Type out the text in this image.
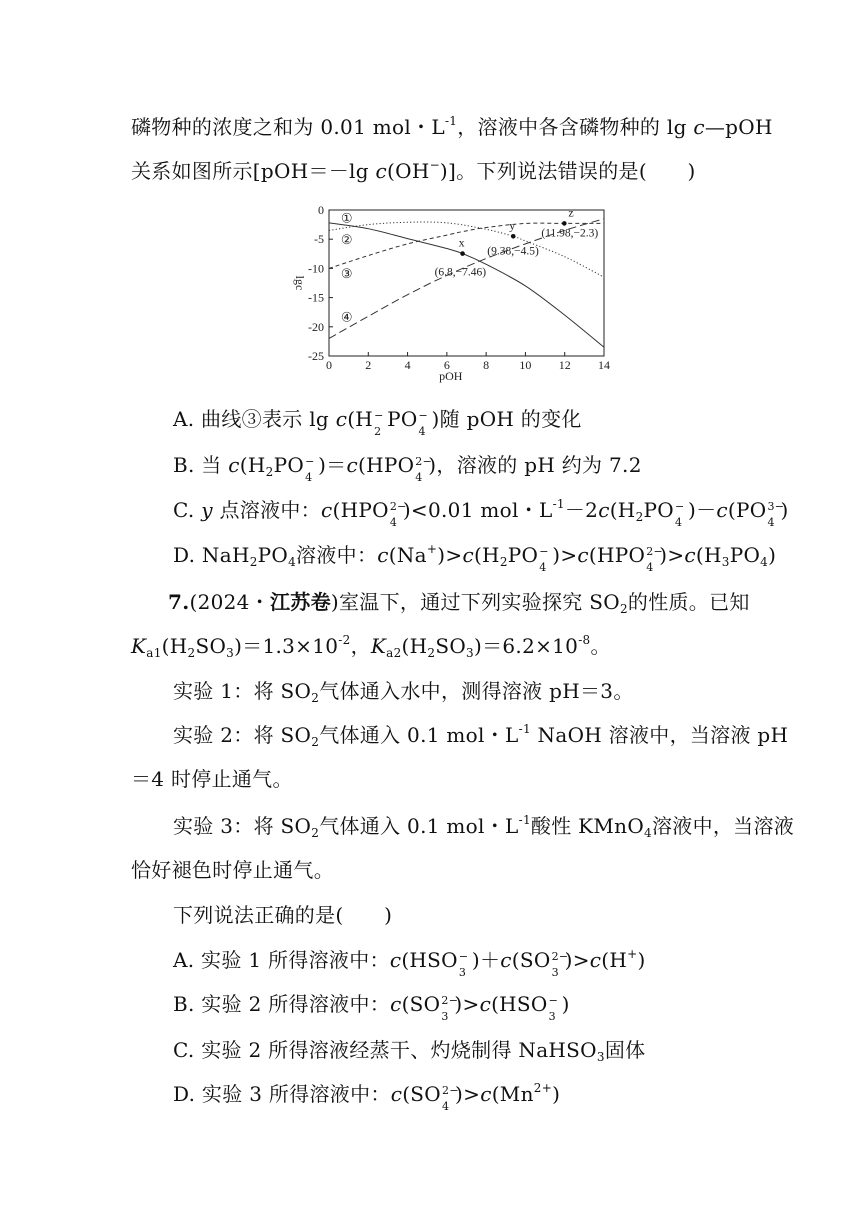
磷物种的浓度之和为 0.01 mol・$L^{-1}$，溶液中各含磷物种的 lg c—pOH
关系如图所示[pOH＝－lg c(OH−)]。下列说法错误的是(　　)
0	2	4	6	8	10 12 14
0
-5
-10
-15
-20
-25
pOH
lgc
①
②
③
④
x
(6.8,−7.46)
y
(9.38,−4.5)
z
(11.98,−2.3)
A. 曲线③表示 lg c(H −
2
PO −
4
)随 pOH 的变化
B. 当 $c(H_2PO$ −
4
)＝c(HPO 2−
4
)，溶液的 pH 约为 7.2
C. y 点溶液中：c(HPO 2−
4
)<0.01 mol・$L^{-1}-2c(H_2PO$ −
4
)－c(PO 3−
4
)
D. $NaH_2PO_4$溶液中：$c(Na^+)>c(H_2PO$ −
4
)>c(HPO 2−
4
)$>c(H_3PO_4)$
7.(2024・江苏卷)室温下，通过下列实验探究 $SO_2$的性质。已知
$K_{a1}(H_2SO_3)=1.3\times 10^{-2}$，$K_{a2}(H_2SO_3)=6.2\times 10^{-8}$。
实验 1：将 $SO_2$气体通入水中，测得溶液 pH＝3。
实验 2：将 $SO_2$气体通入 0.1 mol・$L^{-1}$ NaOH 溶液中，当溶液 pH
＝4 时停止通气。
实验 3：将 $SO_2$气体通入 0.1 mol・$L^{-1}$酸性 KMnO$_4$溶液中，当溶液
恰好褪色时停止通气。
下列说法正确的是(　　)
A. 实验 1 所得溶液中：c(HSO −
3
)＋c(SO 2−
3
)>c(H+)
B. 实验 2 所得溶液中：c(SO 2−
3
)>c(HSO −
3
)
C. 实验 2 所得溶液经蒸干、灼烧制得 NaHSO$_3$固体
D. 实验 3 所得溶液中：c(SO 2−
4
)$>c(Mn^{2+})$
